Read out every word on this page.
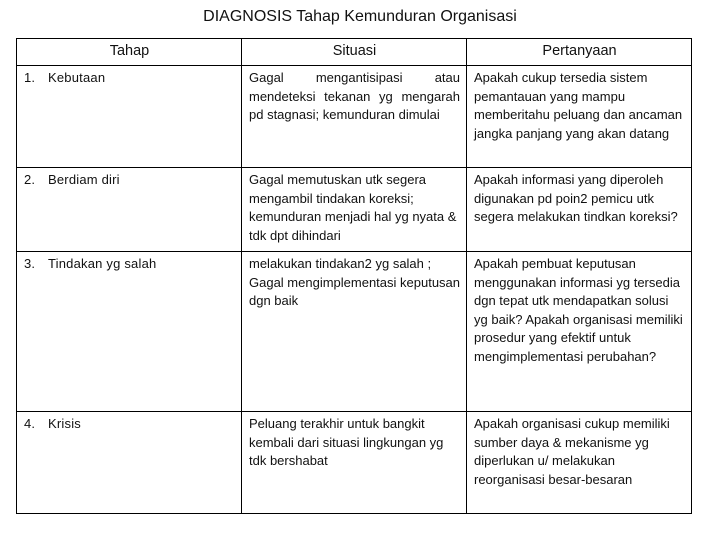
DIAGNOSIS Tahap Kemunduran Organisasi
Tahap	Situasi	Pertanyaan

1. Kebutaan	Gagal mengantisipasi atau mendeteksi tekanan yg mengarah pd stagnasi; kemunduran dimulai	Apakah cukup tersedia sistem pemantauan yang mampu memberitahu peluang dan ancaman jangka panjang yang akan datang

2. Berdiam diri	Gagal memutuskan utk segera mengambil tindakan koreksi; kemunduran menjadi hal yg nyata & tdk dpt dihindari	Apakah informasi yang diperoleh digunakan pd poin2 pemicu utk segera melakukan tindkan koreksi?

3. Tindakan yg salah	melakukan tindakan2 yg salah ; Gagal mengimplementasi keputusan dgn baik	Apakah pembuat keputusan menggunakan informasi yg tersedia dgn tepat utk mendapatkan solusi yg baik? Apakah organisasi memiliki prosedur yang efektif untuk mengimplementasi perubahan?

4. Krisis	Peluang terakhir untuk bangkit kembali dari situasi lingkungan yg tdk bershabat	Apakah organisasi cukup memiliki sumber daya & mekanisme yg diperlukan u/ melakukan reorganisasi besar-besaran
